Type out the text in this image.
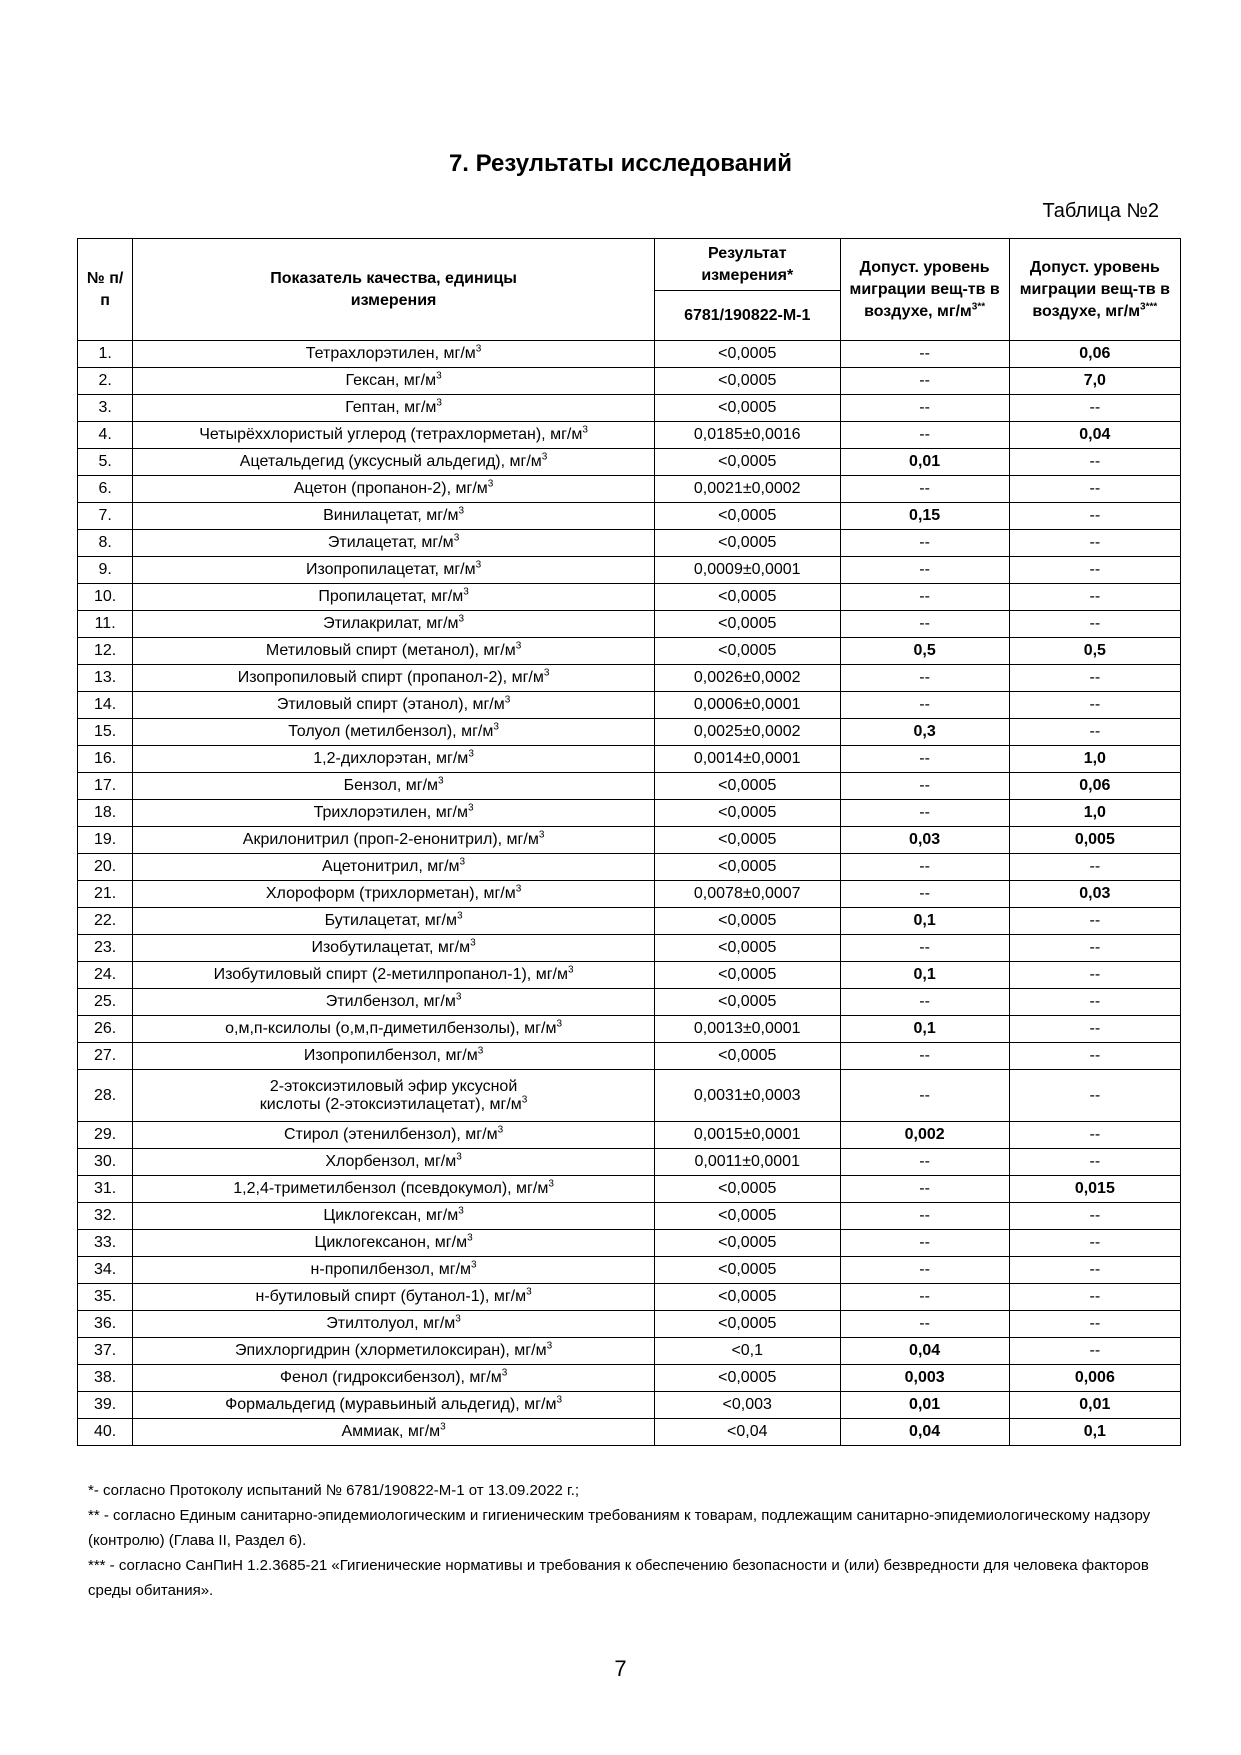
7. Результаты исследований
Таблица №2
№ п/п	Показатель качества, единицы измерения	Результат измерения*	Допуст. уровень миграции вещ-тв в воздухе, $мг/м^{3**}$	Допуст. уровень миграции вещ-тв в воздухе, $мг/м^{3***}$
		6781/190822-М-1		
1.	Тетрахлорэтилен, $мг/м^3$	<0,0005	--	0,06
2.	Гексан, $мг/м^3$	<0,0005	--	7,0
3.	Гептан, $мг/м^3$	<0,0005	--	--
4.	Четырёххлористый углерод (тетрахлорметан), $мг/м^3$	0,0185±0,0016	--	0,04
5.	Ацетальдегид (уксусный альдегид), $мг/м^3$	<0,0005	0,01	--
6.	Ацетон (пропанон-2), $мг/м^3$	0,0021±0,0002	--	--
7.	Винилацетат, $мг/м^3$	<0,0005	0,15	--
8.	Этилацетат, $мг/м^3$	<0,0005	--	--
9.	Изопропилацетат, $мг/м^3$	0,0009±0,0001	--	--
10.	Пропилацетат, $мг/м^3$	<0,0005	--	--
11.	Этилакрилат, $мг/м^3$	<0,0005	--	--
12.	Метиловый спирт (метанол), $мг/м^3$	<0,0005	0,5	0,5
13.	Изопропиловый спирт (пропанол-2), $мг/м^3$	0,0026±0,0002	--	--
14.	Этиловый спирт (этанол), $мг/м^3$	0,0006±0,0001	--	--
15.	Толуол (метилбензол), $мг/м^3$	0,0025±0,0002	0,3	--
16.	1,2-дихлорэтан, $мг/м^3$	0,0014±0,0001	--	1,0
17.	Бензол, $мг/м^3$	<0,0005	--	0,06
18.	Трихлорэтилен, $мг/м^3$	<0,0005	--	1,0
19.	Акрилонитрил (проп-2-енонитрил), $мг/м^3$	<0,0005	0,03	0,005
20.	Ацетонитрил, $мг/м^3$	<0,0005	--	--
21.	Хлороформ (трихлорметан), $мг/м^3$	0,0078±0,0007	--	0,03
22.	Бутилацетат, $мг/м^3$	<0,0005	0,1	--
23.	Изобутилацетат, $мг/м^3$	<0,0005	--	--
24.	Изобутиловый спирт (2-метилпропанол-1), $мг/м^3$	<0,0005	0,1	--
25.	Этилбензол, $мг/м^3$	<0,0005	--	--
26.	о,м,п-ксилолы (о,м,п-диметилбензолы), $мг/м^3$	0,0013±0,0001	0,1	--
27.	Изопропилбензол, $мг/м^3$	<0,0005	--	--
28.	2-этоксиэтиловый эфир уксусной кислоты (2-этоксиэтилацетат), $мг/м^3$	0,0031±0,0003	--	--
29.	Стирол (этенилбензол), $мг/м^3$	0,0015±0,0001	0,002	--
30.	Хлорбензол, $мг/м^3$	0,0011±0,0001	--	--
31.	1,2,4-триметилбензол (псевдокумол), $мг/м^3$	<0,0005	--	0,015
32.	Циклогексан, $мг/м^3$	<0,0005	--	--
33.	Циклогексанон, $мг/м^3$	<0,0005	--	--
34.	н-пропилбензол, $мг/м^3$	<0,0005	--	--
35.	н-бутиловый спирт (бутанол-1), $мг/м^3$	<0,0005	--	--
36.	Этилтолуол, $мг/м^3$	<0,0005	--	--
37.	Эпихлоргидрин (хлорметилоксиран), $мг/м^3$	<0,1	0,04	--
38.	Фенол (гидроксибензол), $мг/м^3$	<0,0005	0,003	0,006
39.	Формальдегид (муравьиный альдегид), $мг/м^3$	<0,003	0,01	0,01
40.	Аммиак, $мг/м^3$	<0,04	0,04	0,1
*- согласно Протоколу испытаний № 6781/190822-М-1 от 13.09.2022 г.;
** - согласно Единым санитарно-эпидемиологическим и гигиеническим требованиям к товарам, подлежащим санитарно-эпидемиологическому надзору (контролю) (Глава II, Раздел 6).
*** - согласно СанПиН 1.2.3685-21 «Гигиенические нормативы и требования к обеспечению безопасности и (или) безвредности для человека факторов среды обитания».
7
